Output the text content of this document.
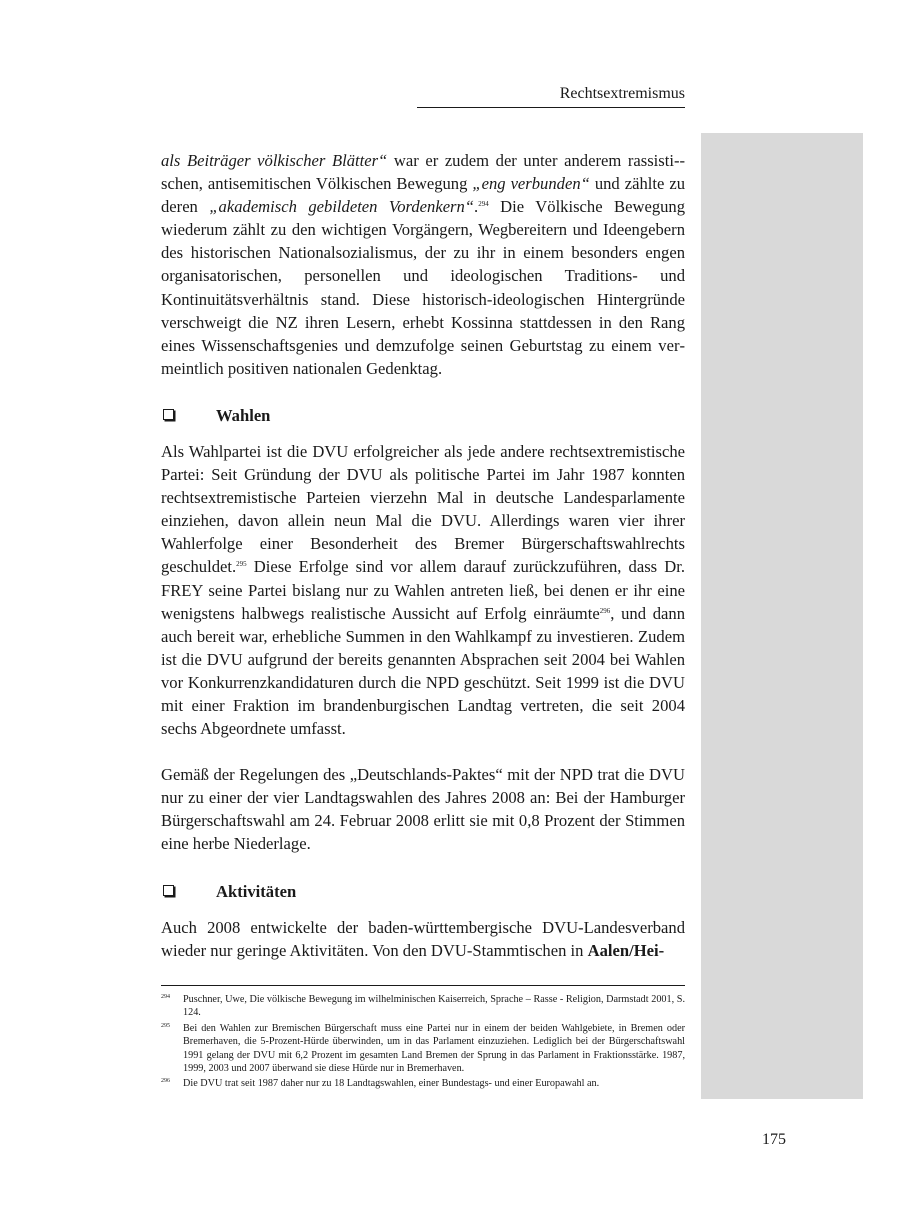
Rechtsextremismus

als Beiträger völkischer Blätter“ war er zudem der unter anderem rassisti-schen, antisemitischen Völkischen Bewegung „eng verbunden“ und zählte zu deren „akademisch gebildeten Vordenkern“.$^{294}$ Die Völkische Bewegung wiederum zählt zu den wichtigen Vorgängern, Wegbereitern und Ideengebern des historischen Nationalsozialismus, der zu ihr in einem besonders engen organisatorischen, personellen und ideologischen Traditions- und Kontinuitätsverhältnis stand. Diese historisch-ideologischen Hintergründe verschweigt die NZ ihren Lesern, erhebt Kossinna stattdessen in den Rang eines Wissenschaftsgenies und demzufolge seinen Geburtstag zu einem vermeintlich positiven nationalen Gedenktag.

Wahlen

Als Wahlpartei ist die DVU erfolgreicher als jede andere rechtsextremistische Partei: Seit Gründung der DVU als politische Partei im Jahr 1987 konnten rechtsextremistische Parteien vierzehn Mal in deutsche Landesparlamente einziehen, davon allein neun Mal die DVU. Allerdings waren vier ihrer Wahlerfolge einer Besonderheit des Bremer Bürgerschaftswahlrechts geschuldet.$^{295}$ Diese Erfolge sind vor allem darauf zurückzuführen, dass Dr. FREY seine Partei bislang nur zu Wahlen antreten ließ, bei denen er ihr eine wenigstens halbwegs realistische Aussicht auf Erfolg einräumte$^{296}$, und dann auch bereit war, erhebliche Summen in den Wahlkampf zu investieren. Zudem ist die DVU aufgrund der bereits genannten Absprachen seit 2004 bei Wahlen vor Konkurrenzkandidaturen durch die NPD geschützt. Seit 1999 ist die DVU mit einer Fraktion im brandenburgischen Landtag vertreten, die seit 2004 sechs Abgeordnete umfasst.

Gemäß der Regelungen des „Deutschlands-Paktes“ mit der NPD trat die DVU nur zu einer der vier Landtagswahlen des Jahres 2008 an: Bei der Hamburger Bürgerschaftswahl am 24. Februar 2008 erlitt sie mit 0,8 Prozent der Stimmen eine herbe Niederlage.

Aktivitäten

Auch 2008 entwickelte der baden-württembergische DVU-Landesverband wieder nur geringe Aktivitäten. Von den DVU-Stammtischen in Aalen/Hei-

294 Puschner, Uwe, Die völkische Bewegung im wilhelminischen Kaiserreich, Sprache – Rasse - Religion, Darmstadt 2001, S. 124.
295 Bei den Wahlen zur Bremischen Bürgerschaft muss eine Partei nur in einem der beiden Wahlgebiete, in Bremen oder Bremerhaven, die 5-Prozent-Hürde überwinden, um in das Parlament einzuziehen. Lediglich bei der Bürgerschaftswahl 1991 gelang der DVU mit 6,2 Prozent im gesamten Land Bremen der Sprung in das Parlament in Fraktionsstärke. 1987, 1999, 2003 und 2007 überwand sie diese Hürde nur in Bremerhaven.
296 Die DVU trat seit 1987 daher nur zu 18 Landtagswahlen, einer Bundestags- und einer Europawahl an.
175
